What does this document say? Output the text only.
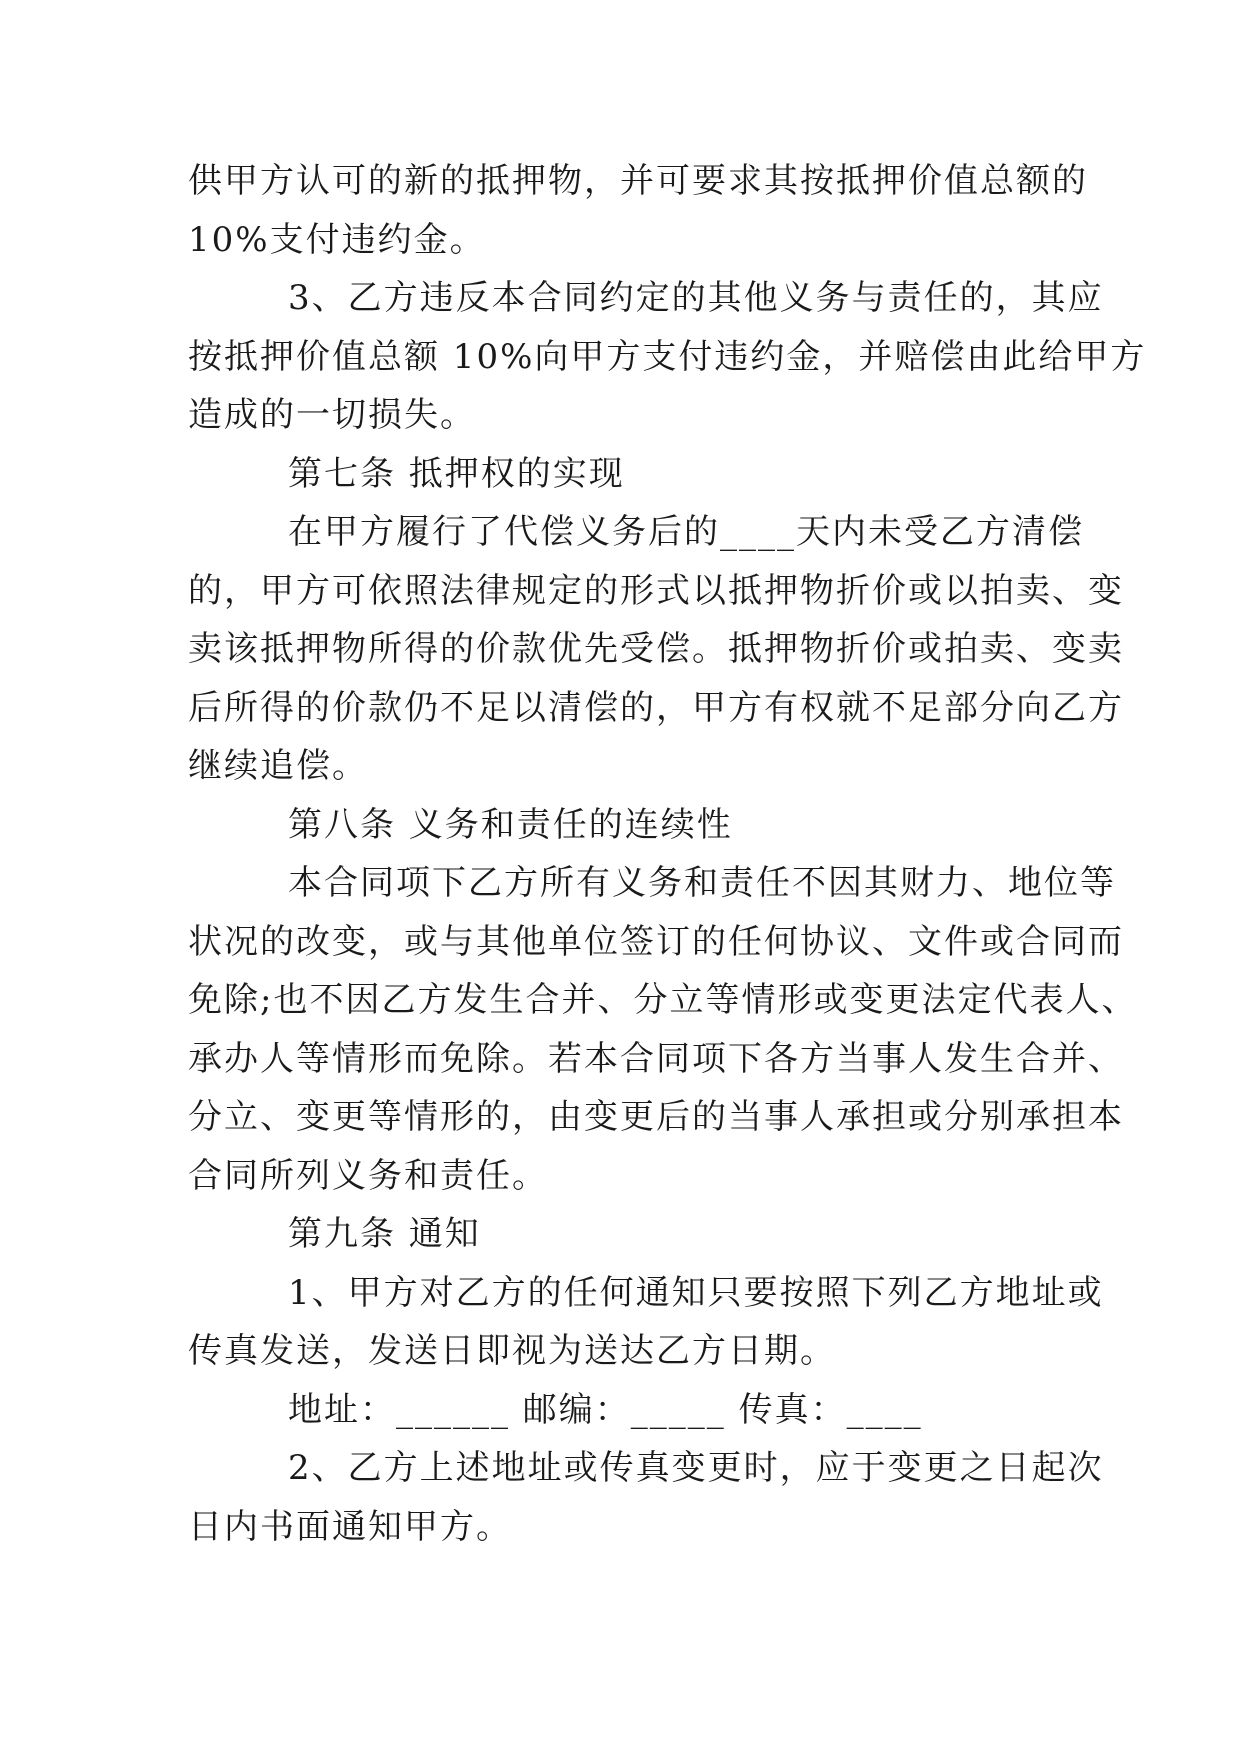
供甲方认可的新的抵押物，并可要求其按抵押价值总额的
10%支付违约金。
3、乙方违反本合同约定的其他义务与责任的，其应
按抵押价值总额 10%向甲方支付违约金，并赔偿由此给甲方
造成的一切损失。
第七条 抵押权的实现
在甲方履行了代偿义务后的____天内未受乙方清偿
的，甲方可依照法律规定的形式以抵押物折价或以拍卖、变
卖该抵押物所得的价款优先受偿。抵押物折价或拍卖、变卖
后所得的价款仍不足以清偿的，甲方有权就不足部分向乙方
继续追偿。
第八条 义务和责任的连续性
本合同项下乙方所有义务和责任不因其财力、地位等
状况的改变，或与其他单位签订的任何协议、文件或合同而
免除;也不因乙方发生合并、分立等情形或变更法定代表人、
承办人等情形而免除。若本合同项下各方当事人发生合并、
分立、变更等情形的，由变更后的当事人承担或分别承担本
合同所列义务和责任。
第九条 通知
1、甲方对乙方的任何通知只要按照下列乙方地址或
传真发送，发送日即视为送达乙方日期。
地址：______ 邮编：_____ 传真：____
2、乙方上述地址或传真变更时，应于变更之日起次
日内书面通知甲方。
